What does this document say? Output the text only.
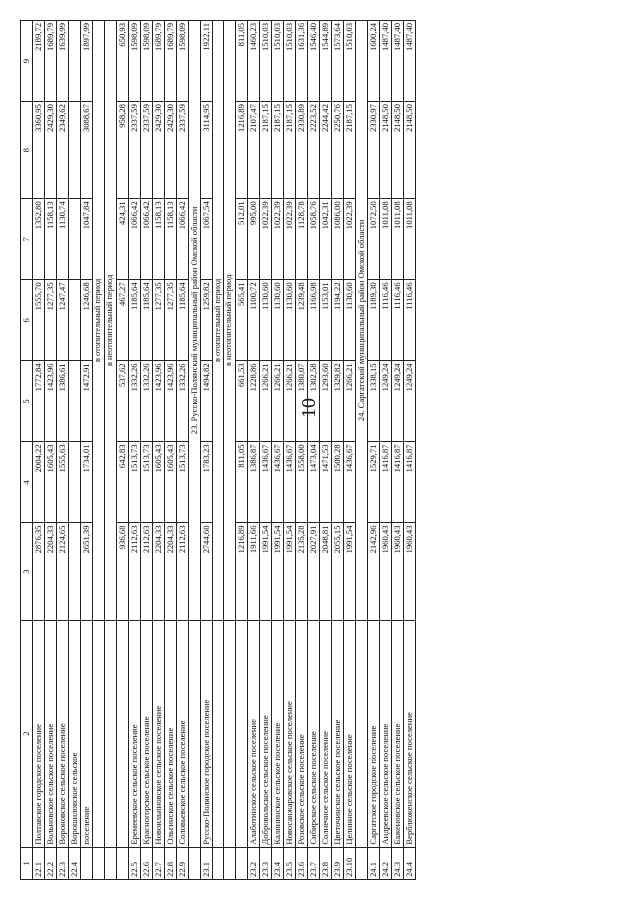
10
1	2	3	4	5	6	7	8	9
22.1	Полтавское городское поселение	2876,35	2004,22	1772,84	1555,70	1352,80	3360,95	2189,72
22.2	Вольновское сельское поселение	2204,33	1605,43	1423,96	1277,35	1158,13	2429,30	1689,79
22.3	Вороновское сельское поселение	2124,65	1555,63	1386,61	1247,47	1130,74	2349,62	1639,99
22.4	Ворошиловское сельское							
	поселение	2651,39	1734,01	1472,91	1246,68	1047,84	3088,67	1897,99
		в отопительный период						
		в неотопительный период						
		936,68	642,83	537,62	467,27	424,31	958,28	650,93
22.5	Еремеевское сельское поселение	2112,63	1513,73	1332,26	1185,64	1066,42	2337,59	1598,09
22.6	Красногорское сельское поселение	2112,63	1513,73	1332,26	1185,64	1066,42	2337,59	1598,09
22.7	Новоильиновское сельское поселение	2204,33	1605,43	1423,96	1277,35	1158,13	2429,30	1689,79
22.8	Ольгинское сельское поселение	2204,33	1605,43	1423,96	1277,35	1158,13	2429,30	1689,79
22.9	Соловьевское сельское поселение	2112,63	1513,73	1332,26	1185,64	1066,42	2337,59	1598,09
		23. Русско-Полянский муниципальный район Омской области						
23.1	Русско-Полянское городское поселение	2744,60	1783,23	1494,82	1259,82	1067,54	3114,95	1922,11
		в отопительный период						
		в неотопительный период						
		1216,89	811,05	661,53	565,41	512,01	1216,89	811,05
23.2	Алаботинское сельское поселение	1911,66	1386,87	1228,86	1100,72	995,00	2107,47	1460,23
23.3	Добровольское сельское поселение	1991,54	1436,67	1266,21	1130,60	1022,39	2187,15	1510,03
23.4	Калининское сельское поселение	1991,54	1436,67	1266,21	1130,60	1022,39	2187,15	1510,03
23.5	Новосанжаровское сельское поселение	1991,54	1436,67	1266,21	1130,60	1022,39	2187,15	1510,03
23.6	Розовское сельское поселение	2135,28	1558,00	1380,07	1239,48	1128,78	2330,89	1631,36
23.7	Сибирское сельское поселение	2027,91	1473,04	1302,58	1166,98	1058,76	2223,52	1546,40
23.8	Солнечное сельское поселение	2048,81	1471,53	1293,60	1153,01	1042,31	2244,42	1544,89
23.9	Цветочинское сельское поселение	2055,15	1500,28	1329,82	1194,22	1086,00	2250,76	1573,64
23.10	Целинное сельское поселение	1991,54	1436,67	1266,21	1130,60	1022,39	2187,15	1510,03
		24. Саргатский муниципальный район Омской области						
24.1	Саргатское городское поселение	2142,96	1529,71	1338,15	1189,30	1072,50	2330,97	1600,24
24.2	Андреевское сельское поселение	1960,43	1416,87	1249,24	1116,46	1011,08	2148,50	1487,40
24.3	Баженовское сельское поселение	1960,43	1416,87	1249,24	1116,46	1011,08	2148,50	1487,40
24.4	Верблюженское сельское поселение	1960,43	1416,87	1249,24	1116,46	1011,08	2148,50	1487,40
